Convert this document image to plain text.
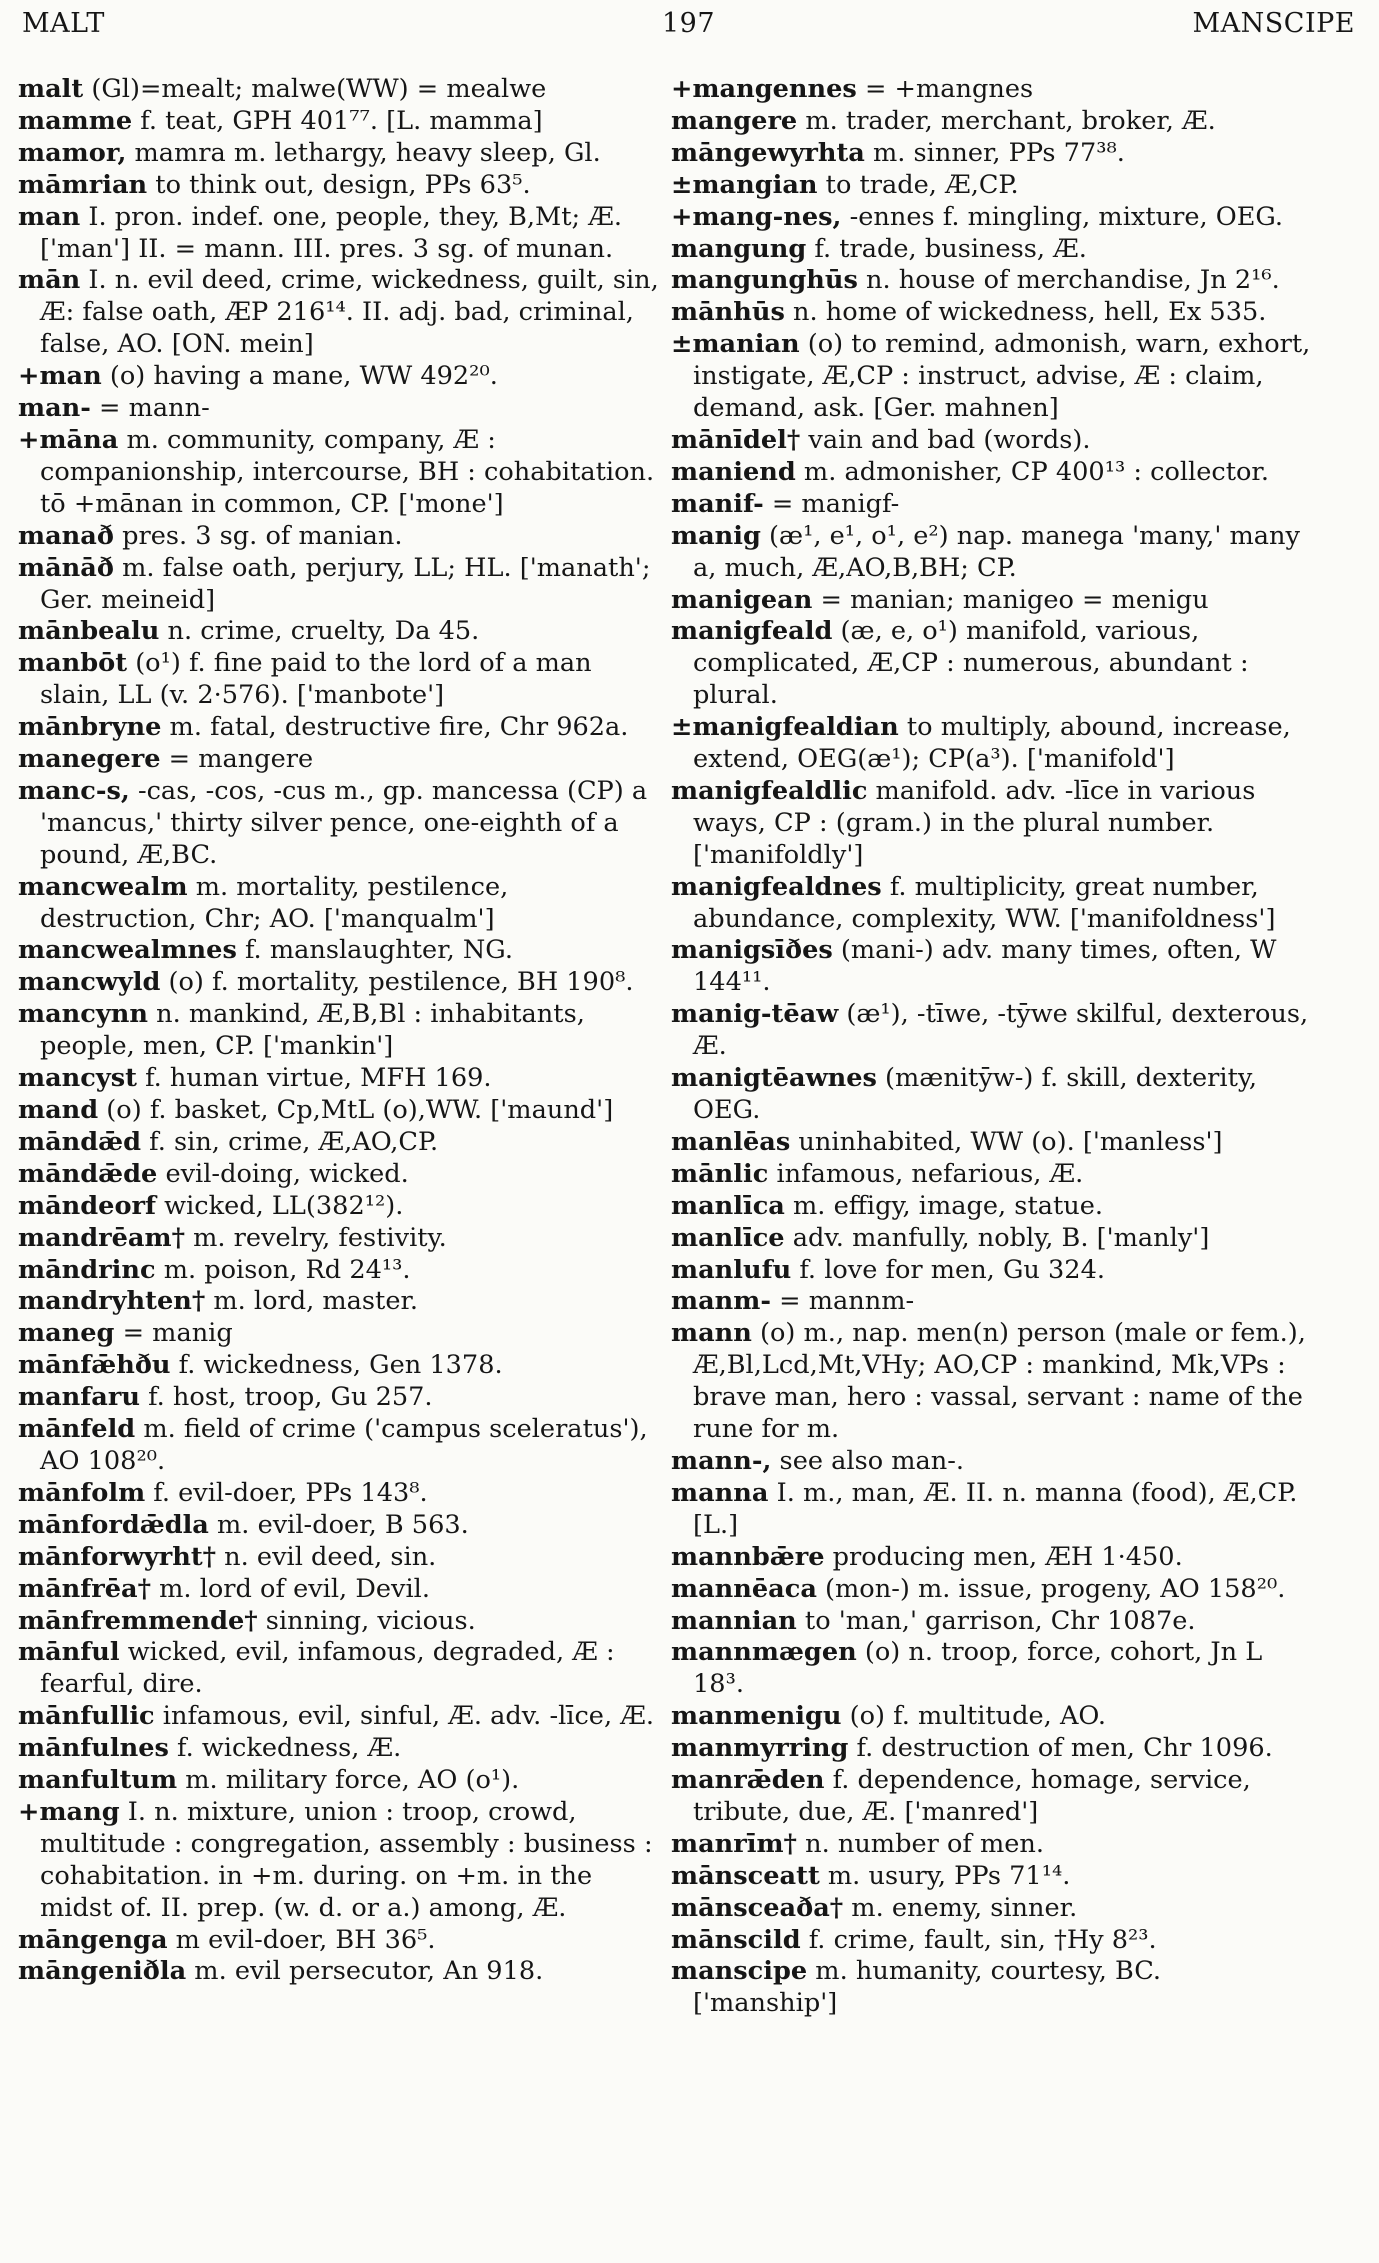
MALT	197	MANSCIPE

malt (Gl)=mealt; malwe(WW) = mealwe

mamme f. teat, GPH 401⁷⁷. [L. mamma]

mamor, mamra m. lethargy, heavy sleep, Gl.

māmrian to think out, design, PPs 63⁵.

man I. pron. indef. one, people, they, B,Mt; Æ. ['man'] II. = mann. III. pres. 3 sg. of munan.

mān I. n. evil deed, crime, wickedness, guilt, sin, Æ: false oath, ÆP 216¹⁴. II. adj. bad, criminal, false, AO. [ON. mein]

+man (o) having a mane, WW 492²⁰.

man- = mann-

+māna m. community, company, Æ : companionship, intercourse, BH : cohabitation. tō +mānan in common, CP. ['mone']

manað pres. 3 sg. of manian.

mānāð m. false oath, perjury, LL; HL. ['manath'; Ger. meineid]

mānbealu n. crime, cruelty, Da 45.

manbōt (o¹) f. fine paid to the lord of a man slain, LL (v. 2·576). ['manbote']

mānbryne m. fatal, destructive fire, Chr 962a.

manegere = mangere

manc-s, -cas, -cos, -cus m., gp. mancessa (CP) a 'mancus,' thirty silver pence, one-eighth of a pound, Æ,BC.

mancwealm m. mortality, pestilence, destruction, Chr; AO. ['manqualm']

mancwealmnes f. manslaughter, NG.

mancwyld (o) f. mortality, pestilence, BH 190⁸.

mancynn n. mankind, Æ,B,Bl : inhabitants, people, men, CP. ['mankin']

mancyst f. human virtue, MFH 169.

mand (o) f. basket, Cp,MtL (o),WW. ['maund']

māndǣd f. sin, crime, Æ,AO,CP.

māndǣde evil-doing, wicked.

māndeorf wicked, LL(382¹²).

mandrēam† m. revelry, festivity.

māndrinc m. poison, Rd 24¹³.

mandryhten† m. lord, master.

maneg = manig

mānfǣhðu f. wickedness, Gen 1378.

manfaru f. host, troop, Gu 257.

mānfeld m. field of crime ('campus sceleratus'), AO 108²⁰.

mānfolm f. evil-doer, PPs 143⁸.

mānfordǣdla m. evil-doer, B 563.

mānforwyrht† n. evil deed, sin.

mānfrēa† m. lord of evil, Devil.

mānfremmende† sinning, vicious.

mānful wicked, evil, infamous, degraded, Æ : fearful, dire.

mānfullic infamous, evil, sinful, Æ. adv. -līce, Æ.

mānfulnes f. wickedness, Æ.

manfultum m. military force, AO (o¹).

+mang I. n. mixture, union : troop, crowd, multitude : congregation, assembly : business : cohabitation. in +m. during. on +m. in the midst of. II. prep. (w. d. or a.) among, Æ.

māngenga m evil-doer, BH 36⁵.

māngeniðla m. evil persecutor, An 918.

+mangennes = +mangnes

mangere m. trader, merchant, broker, Æ.

māngewyrhta m. sinner, PPs 77³⁸.

±mangian to trade, Æ,CP.

+mang-nes, -ennes f. mingling, mixture, OEG.

mangung f. trade, business, Æ.

mangunghūs n. house of merchandise, Jn 2¹⁶.

mānhūs n. home of wickedness, hell, Ex 535.

±manian (o) to remind, admonish, warn, exhort, instigate, Æ,CP : instruct, advise, Æ : claim, demand, ask. [Ger. mahnen]

mānīdel† vain and bad (words).

maniend m. admonisher, CP 400¹³ : collector.

manif- = manigf-

manig (æ¹, e¹, o¹, e²) nap. manega 'many,' many a, much, Æ,AO,B,BH; CP.

manigean = manian; manigeo = menigu

manigfeald (æ, e, o¹) manifold, various, complicated, Æ,CP : numerous, abundant : plural.

±manigfealdian to multiply, abound, increase, extend, OEG(æ¹); CP(a³). ['manifold']

manigfealdlic manifold. adv. -līce in various ways, CP : (gram.) in the plural number. ['manifoldly']

manigfealdnes f. multiplicity, great number, abundance, complexity, WW. ['manifoldness']

manigsīðes (mani-) adv. many times, often, W 144¹¹.

manig-tēaw (æ¹), -tīwe, -tȳwe skilful, dexterous, Æ.

manigtēawnes (mænitȳw-) f. skill, dexterity, OEG.

manlēas uninhabited, WW (o). ['manless']

mānlic infamous, nefarious, Æ.

manlīca m. effigy, image, statue.

manlīce adv. manfully, nobly, B. ['manly']

manlufu f. love for men, Gu 324.

manm- = mannm-

mann (o) m., nap. men(n) person (male or fem.), Æ,Bl,Lcd,Mt,VHy; AO,CP : mankind, Mk,VPs : brave man, hero : vassal, servant : name of the rune for m.

mann-, see also man-.

manna I. m., man, Æ. II. n. manna (food), Æ,CP. [L.]

mannbǣre producing men, ÆH 1·450.

mannēaca (mon-) m. issue, progeny, AO 158²⁰.

mannian to 'man,' garrison, Chr 1087e.

mannmægen (o) n. troop, force, cohort, Jn L 18³.

manmenigu (o) f. multitude, AO.

manmyrring f. destruction of men, Chr 1096.

manrǣden f. dependence, homage, service, tribute, due, Æ. ['manred']

manrīm† n. number of men.

mānsceatt m. usury, PPs 71¹⁴.

mānsceaða† m. enemy, sinner.

mānscild f. crime, fault, sin, †Hy 8²³.

manscipe m. humanity, courtesy, BC. ['manship']
